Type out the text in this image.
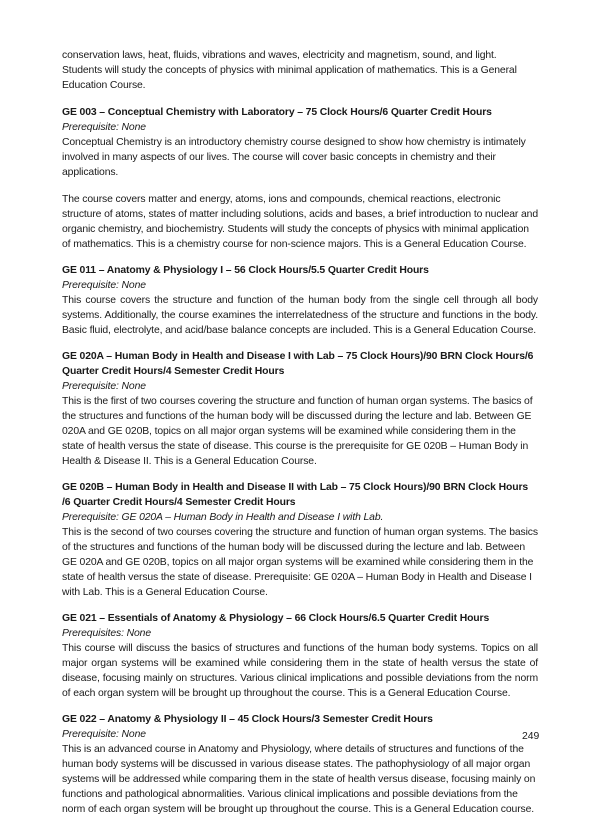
conservation laws, heat, fluids, vibrations and waves, electricity and magnetism, sound, and light. Students will study the concepts of physics with minimal application of mathematics. This is a General Education Course.

GE 003 – Conceptual Chemistry with Laboratory – 75 Clock Hours/6 Quarter Credit Hours

Prerequisite: None

Conceptual Chemistry is an introductory chemistry course designed to show how chemistry is intimately involved in many aspects of our lives. The course will cover basic concepts in chemistry and their applications.

The course covers matter and energy, atoms, ions and compounds, chemical reactions, electronic structure of atoms, states of matter including solutions, acids and bases, a brief introduction to nuclear and organic chemistry, and biochemistry. Students will study the concepts of physics with minimal application of mathematics. This is a chemistry course for non-science majors. This is a General Education Course.

GE 011 – Anatomy & Physiology I – 56 Clock Hours/5.5 Quarter Credit Hours

Prerequisite: None

This course covers the structure and function of the human body from the single cell through all body systems. Additionally, the course examines the interrelatedness of the structure and functions in the body. Basic fluid, electrolyte, and acid/base balance concepts are included. This is a General Education Course.

GE 020A – Human Body in Health and Disease I with Lab – 75 Clock Hours)/90 BRN Clock Hours/6 Quarter Credit Hours/4 Semester Credit Hours

Prerequisite: None

This is the first of two courses covering the structure and function of human organ systems. The basics of the structures and functions of the human body will be discussed during the lecture and lab. Between GE 020A and GE 020B, topics on all major organ systems will be examined while considering them in the state of health versus the state of disease. This course is the prerequisite for GE 020B – Human Body in Health & Disease II. This is a General Education Course.

GE 020B – Human Body in Health and Disease II with Lab – 75 Clock Hours)/90 BRN Clock Hours /6 Quarter Credit Hours/4 Semester Credit Hours

Prerequisite: GE 020A – Human Body in Health and Disease I with Lab.

This is the second of two courses covering the structure and function of human organ systems. The basics of the structures and functions of the human body will be discussed during the lecture and lab. Between GE 020A and GE 020B, topics on all major organ systems will be examined while considering them in the state of health versus the state of disease. Prerequisite: GE 020A – Human Body in Health and Disease I with Lab. This is a General Education Course.

GE 021 – Essentials of Anatomy & Physiology – 66 Clock Hours/6.5 Quarter Credit Hours

Prerequisites: None

This course will discuss the basics of structures and functions of the human body systems. Topics on all major organ systems will be examined while considering them in the state of health versus the state of disease, focusing mainly on structures. Various clinical implications and possible deviations from the norm of each organ system will be brought up throughout the course. This is a General Education Course.

GE 022 – Anatomy & Physiology II – 45 Clock Hours/3 Semester Credit Hours

Prerequisite: None

This is an advanced course in Anatomy and Physiology, where details of structures and functions of the human body systems will be discussed in various disease states. The pathophysiology of all major organ systems will be addressed while comparing them in the state of health versus disease, focusing mainly on functions and pathological abnormalities. Various clinical implications and possible deviations from the norm of each organ system will be brought up throughout the course. This is a General Education course.

249
